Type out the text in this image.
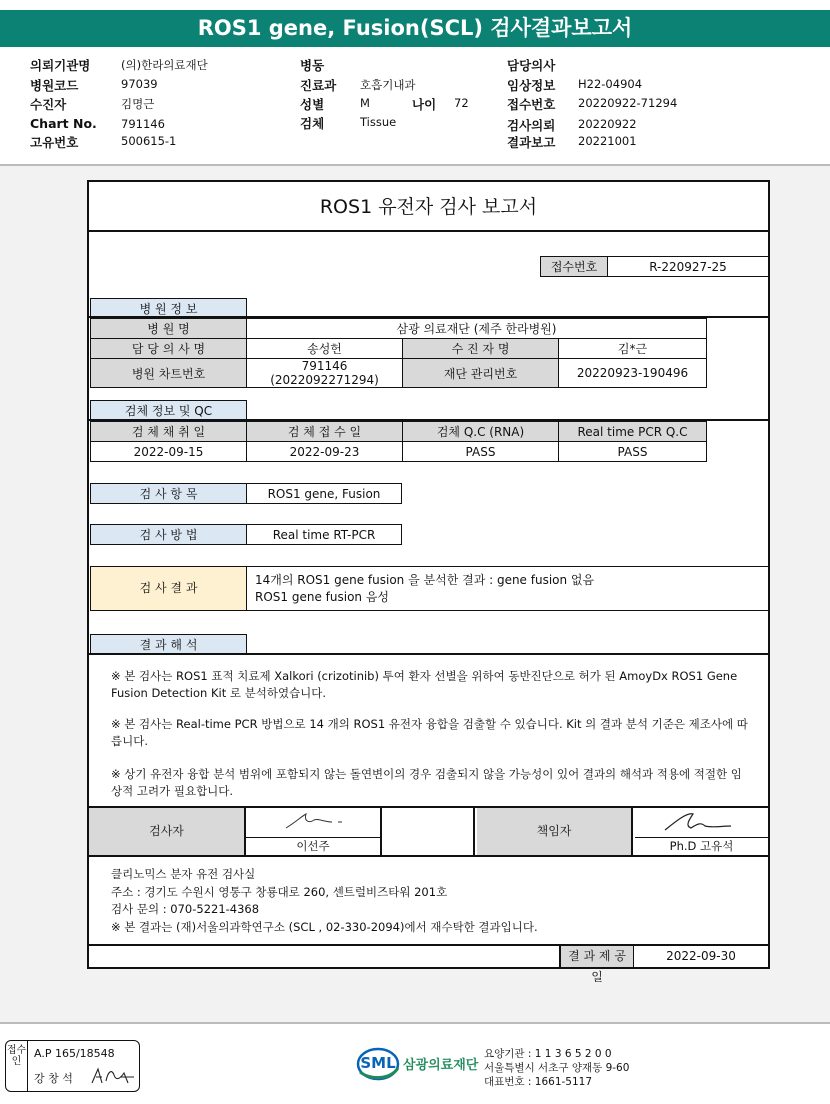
ROS1 gene, Fusion(SCL) 검사결과보고서
의뢰기관명	(의)한라의료재단
병원코드	97039
수진자	김명근
Chart No. 791146
고유번호	500615-1
병동
진료과 호흡기내과
성별	M	나이 72
검체	Tissue
담당의사
임상정보 H22-04904
접수번호 20220922-71294
검사의뢰 20220922
결과보고 20221001
ROS1 유전자 검사 보고서
접수번호	R-220927-25
병 원 정 보
병 원 명	삼광 의료재단 (제주 한라병원)		
담 당 의 사 명	송성헌	수 진 자 명	김*근
병원 차트번호	791146 (2022092271294)	재단 관리번호	20220923-190496
검체 정보 및 QC
검 체 채 취 일	검 체 접 수 일	검체 Q.C (RNA)	Real time PCR Q.C
2022-09-15	2022-09-23	PASS	PASS
검 사 항 목	ROS1 gene, Fusion
검 사 방 법	Real time RT-PCR
검 사 결 과
14개의 ROS1 gene fusion 을 분석한 결과 : gene fusion 없음
ROS1 gene fusion 음성
결 과 해 석
※ 본 검사는 ROS1 표적 치료제 Xalkori (crizotinib) 투여 환자 선별을 위하여 동반진단으로 허가 된 AmoyDx ROS1 Gene Fusion Detection Kit 로 분석하였습니다.
※ 본 검사는 Real-time PCR 방법으로 14 개의 ROS1 유전자 융합을 검출할 수 있습니다. Kit 의 결과 분석 기준은 제조사에 따릅니다.
※ 상기 유전자 융합 분석 범위에 포함되지 않는 돌연변이의 경우 검출되지 않을 가능성이 있어 결과의 해석과 적용에 적절한 임상적 고려가 필요합니다.
검사자
이선주
책임자
Ph.D 고유석
클리노믹스 분자 유전 검사실
주소 : 경기도 수원시 영통구 창룡대로 260, 센트럴비즈타워 201호
검사 문의 : 070-5221-4368
※ 본 결과는 (재)서울의과학연구소 (SCL , 02-330-2094)에서 재수탁한 결과입니다.
결 과 제 공 일
2022-09-30
접수인
A.P 165/18548
강 창 석
SML 삼광의료재단
요양기관 : 1 1 3 6 5 2 0 0
서울특별시 서초구 양재동 9-60
대표번호 : 1661-5117
